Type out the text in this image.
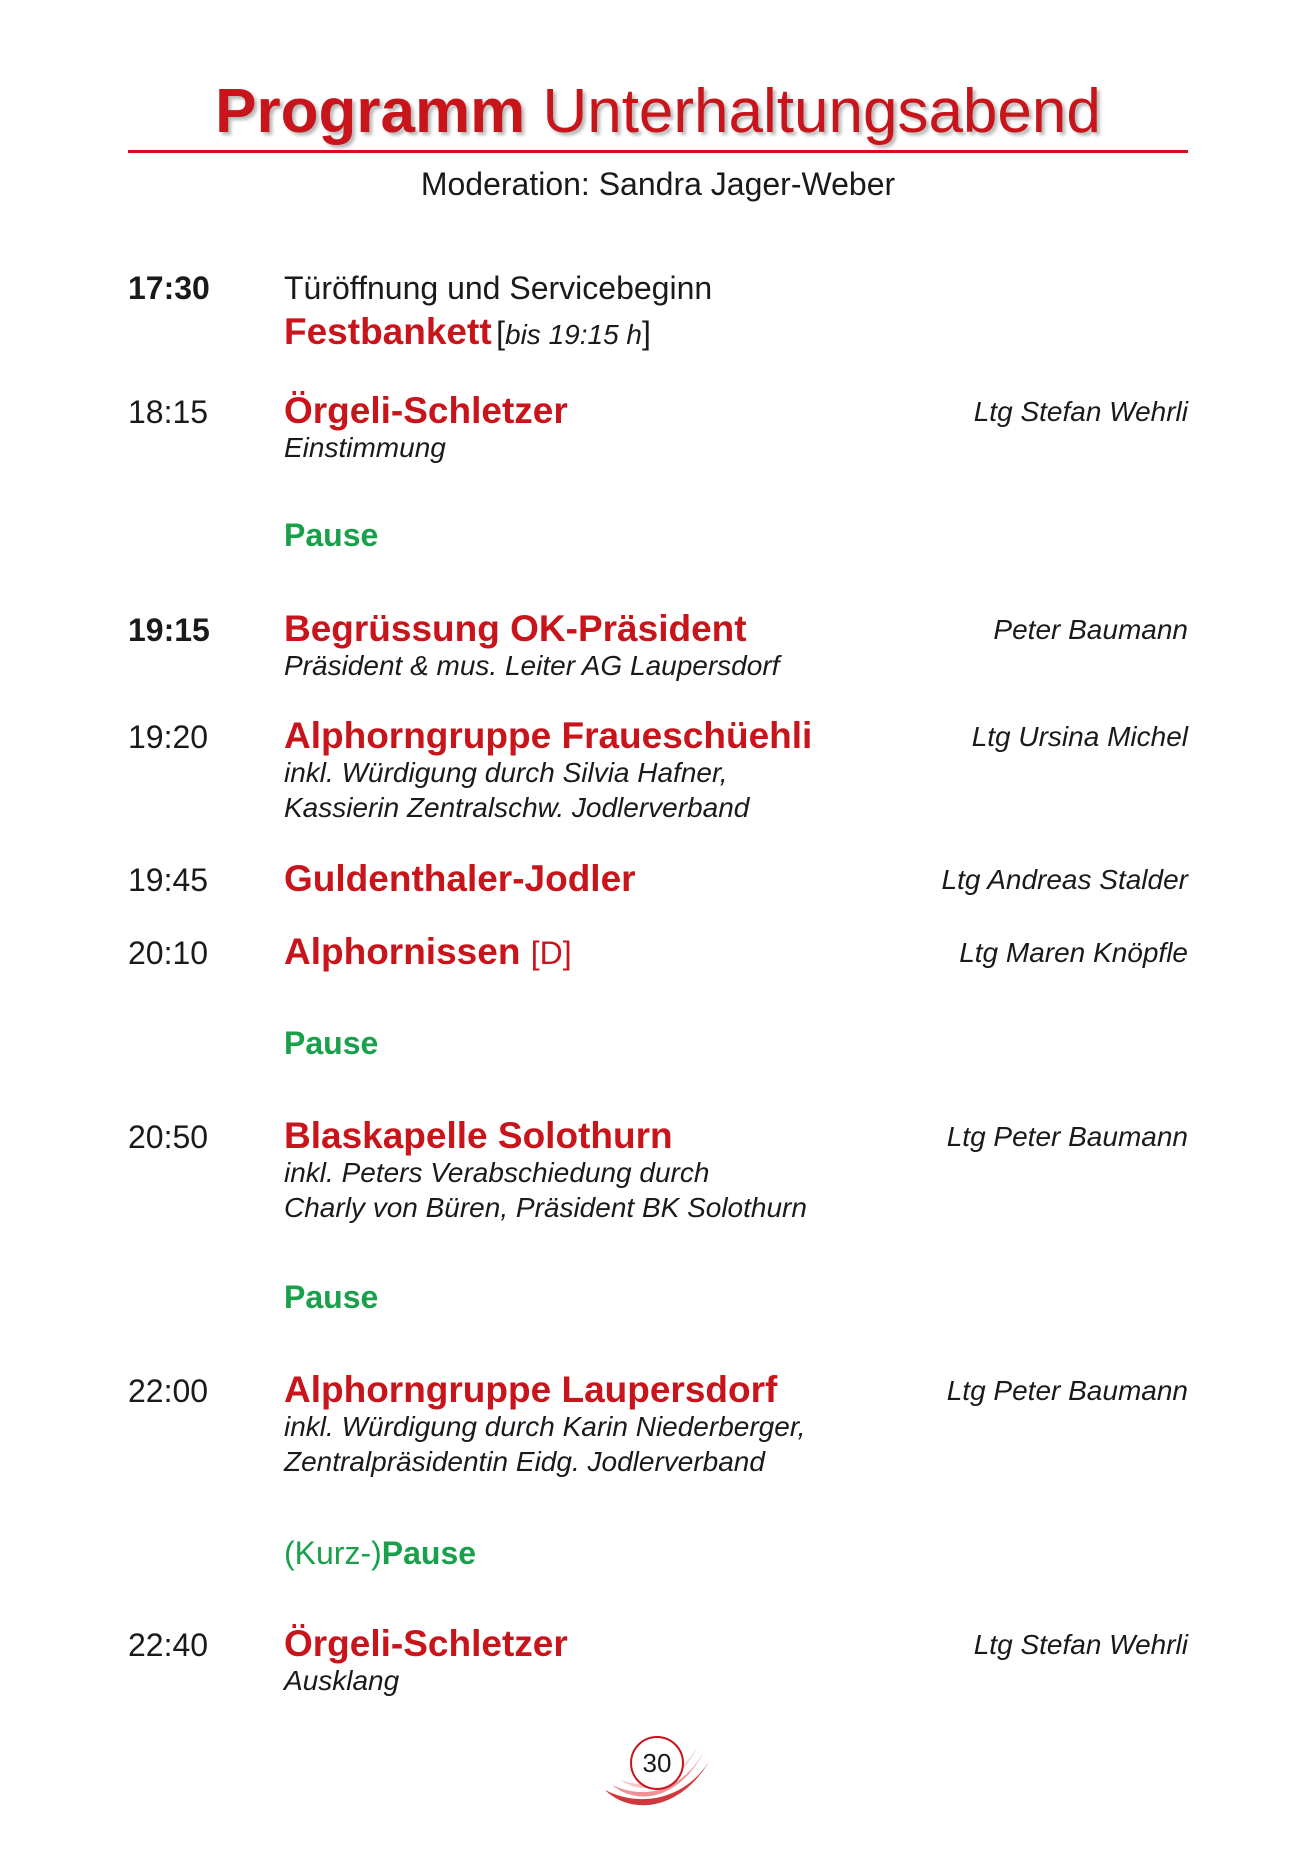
Programm Unterhaltungsabend
Moderation: Sandra Jager-Weber
17:30 Türöffnung und Servicebeginn
Festbankett [bis 19:15 h]
18:15 Örgeli-Schletzer
Einstimmung
Ltg Stefan Wehrli
Pause
19:15 Begrüssung OK-Präsident
Präsident & mus. Leiter AG Laupersdorf
Peter Baumann
19:20 Alphorngruppe Fraueschüehli
inkl. Würdigung durch Silvia Hafner,
Kassierin Zentralschw. Jodlerverband
Ltg Ursina Michel
19:45 Guldenthaler-Jodler	Ltg Andreas Stalder
20:10 Alphornissen [D]	Ltg Maren Knöpfle
Pause
20:50 Blaskapelle Solothurn
inkl. Peters Verabschiedung durch
Charly von Büren, Präsident BK Solothurn
Ltg Peter Baumann
Pause
22:00 Alphorngruppe Laupersdorf
inkl. Würdigung durch Karin Niederberger,
Zentralpräsidentin Eidg. Jodlerverband
Ltg Peter Baumann
(Kurz-)Pause
22:40 Örgeli-Schletzer
Ausklang
Ltg Stefan Wehrli
30
